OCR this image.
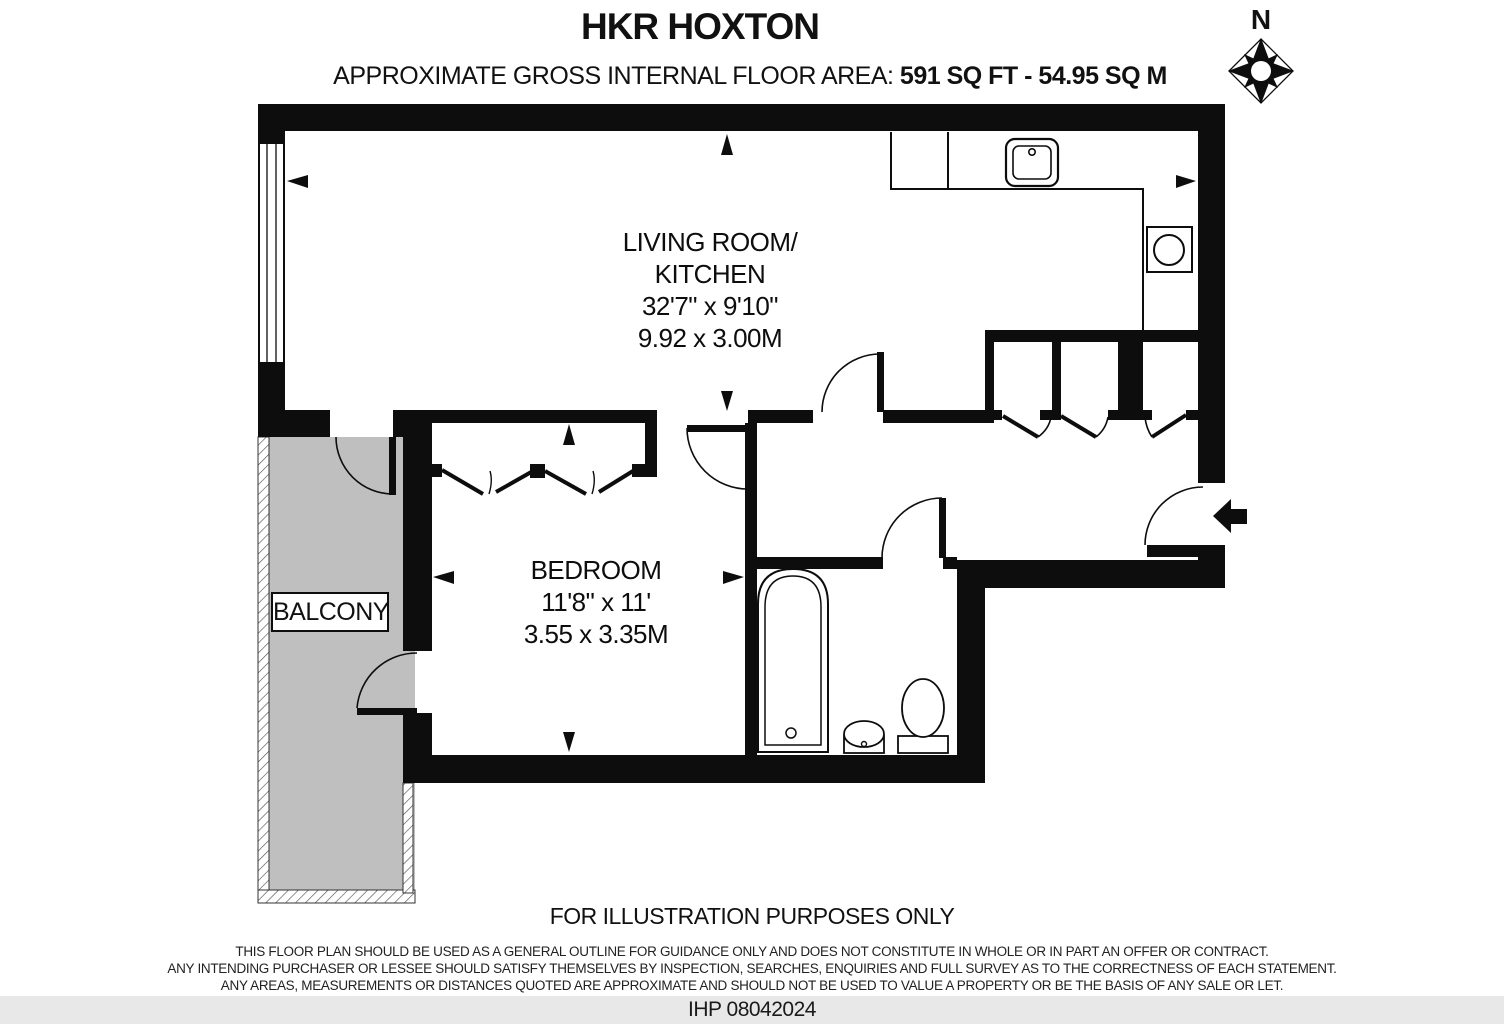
HKR HOXTON
APPROXIMATE GROSS INTERNAL FLOOR AREA: 591 SQ FT - 54.95 SQ M
N
LIVING ROOM/
KITCHEN
32'7" x 9'10"
9.92 x 3.00M
BEDROOM
11'8" x 11'
3.55 x 3.35M
BALCONY
FOR ILLUSTRATION PURPOSES ONLY
THIS FLOOR PLAN SHOULD BE USED AS A GENERAL OUTLINE FOR GUIDANCE ONLY AND DOES NOT CONSTITUTE IN WHOLE OR IN PART AN OFFER OR CONTRACT.
ANY INTENDING PURCHASER OR LESSEE SHOULD SATISFY THEMSELVES BY INSPECTION, SEARCHES, ENQUIRIES AND FULL SURVEY AS TO THE CORRECTNESS OF EACH STATEMENT.
ANY AREAS, MEASUREMENTS OR DISTANCES QUOTED ARE APPROXIMATE AND SHOULD NOT BE USED TO VALUE A PROPERTY OR BE THE BASIS OF ANY SALE OR LET.
IHP 08042024
